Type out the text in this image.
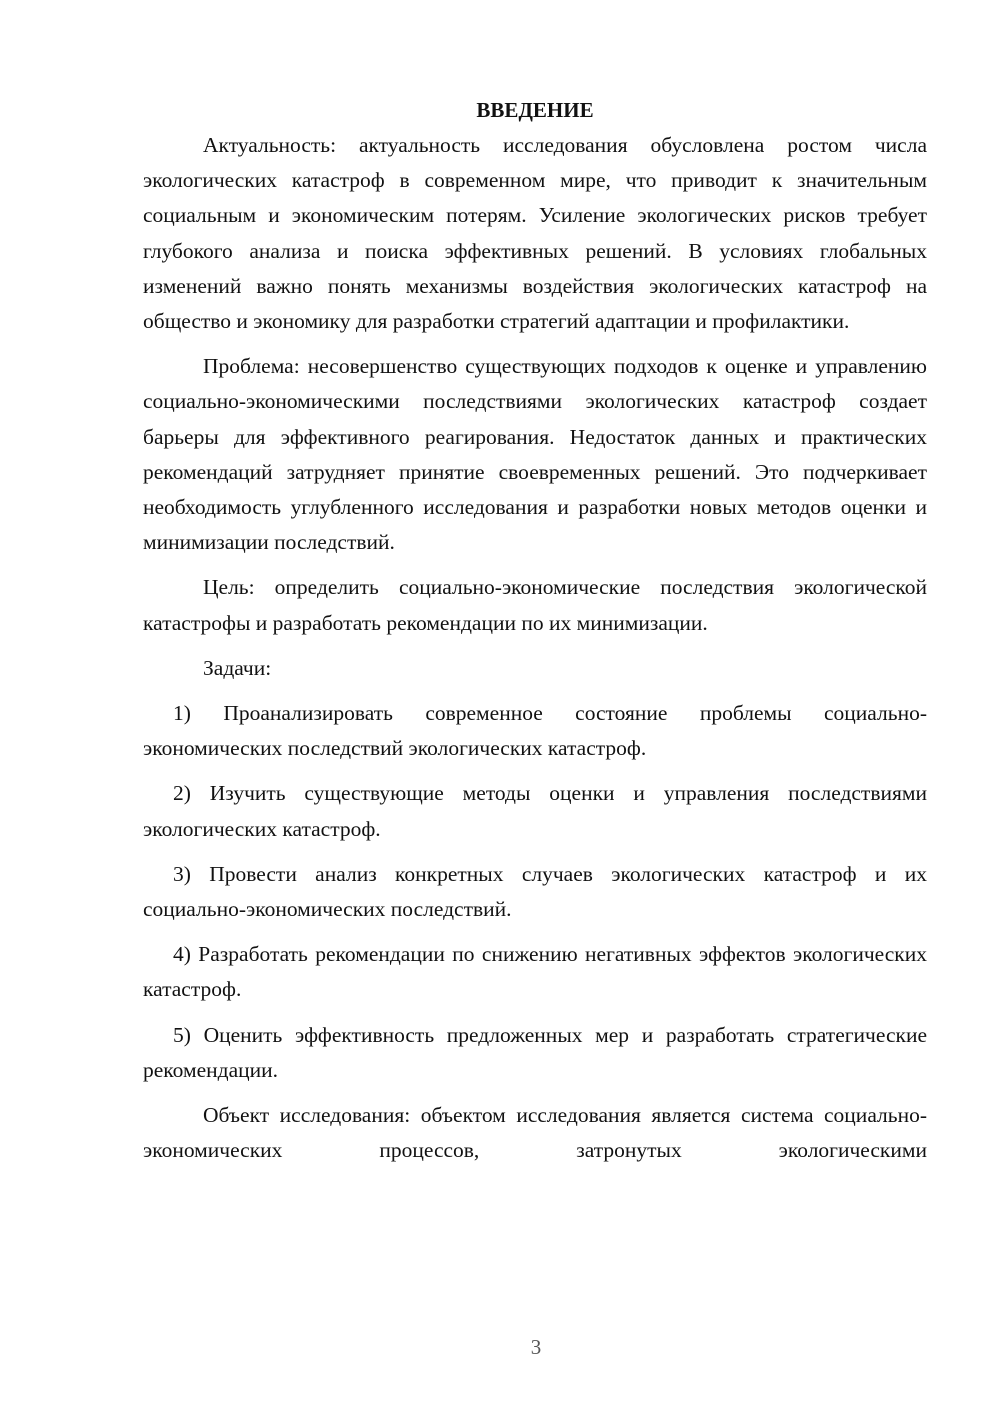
ВВЕДЕНИЕ

Актуальность: актуальность исследования обусловлена ростом числа экологических катастроф в современном мире, что приводит к значительным социальным и экономическим потерям. Усиление экологических рисков требует глубокого анализа и поиска эффективных решений. В условиях глобальных изменений важно понять механизмы воздействия экологических катастроф на общество и экономику для разработки стратегий адаптации и профилактики.

Проблема: несовершенство существующих подходов к оценке и управлению социально-экономическими последствиями экологических катастроф создает барьеры для эффективного реагирования. Недостаток данных и практических рекомендаций затрудняет принятие своевременных решений. Это подчеркивает необходимость углубленного исследования и разработки новых методов оценки и минимизации последствий.

Цель: определить социально-экономические последствия экологической катастрофы и разработать рекомендации по их минимизации.

Задачи:

1) Проанализировать современное состояние проблемы социально-экономических последствий экологических катастроф.

2) Изучить существующие методы оценки и управления последствиями экологических катастроф.

3) Провести анализ конкретных случаев экологических катастроф и их социально-экономических последствий.

4) Разработать рекомендации по снижению негативных эффектов экологических катастроф.

5) Оценить эффективность предложенных мер и разработать стратегические рекомендации.

Объект исследования: объектом исследования является система социально-экономических процессов, затронутых экологическими

3
